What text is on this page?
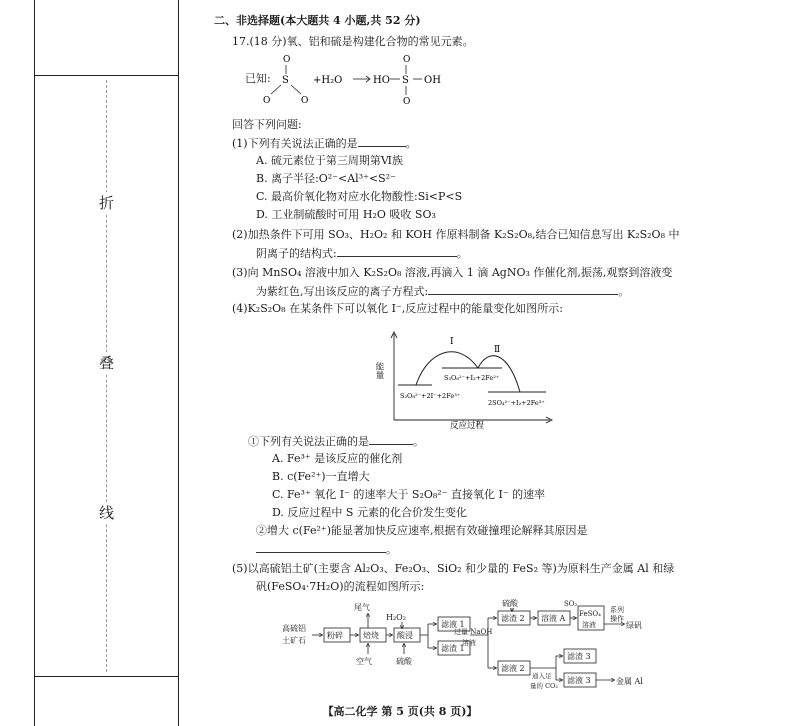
折
叠
线
二、非选择题(本大题共 4 小题,共 52 分)
17.(18 分)氧、铝和硫是构建化合物的常见元素。
已知:
O
S
O	O
+H₂O	HO S OH
O
O
回答下列问题:
(1)下列有关说法正确的是	。
A. 硫元素位于第三周期第Ⅵ族
B. 离子半径:O²⁻<Al³⁺<S²⁻
C. 最高价氧化物对应水化物酸性:Si<P<S
D. 工业制硫酸时可用 H₂O 吸收 SO₃
(2)加热条件下可用 SO₃、H₂O₂ 和 KOH 作原料制备 K₂S₂O₈,结合已知信息写出 K₂S₂O₈ 中
阴离子的结构式:	。
(3)向 MnSO₄ 溶液中加入 K₂S₂O₈ 溶液,再滴入 1 滴 AgNO₃ 作催化剂,振荡,观察到溶液变
为紫红色,写出该反应的离子方程式:	。
(4)K₂S₂O₈ 在某条件下可以氧化 I⁻,反应过程中的能量变化如图所示:
能量
Ⅰ
Ⅱ
S₂O₈²⁻+I₂+2Fe²⁺
S₂O₈²⁻+2I⁻+2Fe³⁺
2SO₄²⁻+I₂+2Fe³⁺
反应过程
①下列有关说法正确的是	。
A. Fe³⁺ 是该反应的催化剂
B. c(Fe²⁺)一直增大
C. Fe³⁺ 氧化 I⁻ 的速率大于 S₂O₈²⁻ 直接氧化 I⁻ 的速率
D. 反应过程中 S 元素的化合价发生变化
②增大 c(Fe²⁺)能显著加快反应速率,根据有效碰撞理论解释其原因是
。
(5)以高硫铝土矿(主要含 Al₂O₃、Fe₂O₃、SiO₂ 和少量的 FeS₂ 等)为原料生产金属 Al 和绿
矾(FeSO₄·7H₂O)的流程如图所示:
高硫铝
土矿石
粉碎
尾气
焙烧
空气
H₂O₂
酸浸
硫酸
滤液 1
滤渣 1
过量 NaOH
溶液
硫酸
滤渣 2 溶液 A
SO₂
FeSO₄
溶液
系列
操作
绿矾
滤液 2
通入足
量的 CO₂
滤渣 3
滤液 3	金属 Al
【高二化学 第 5 页(共 8 页)】
